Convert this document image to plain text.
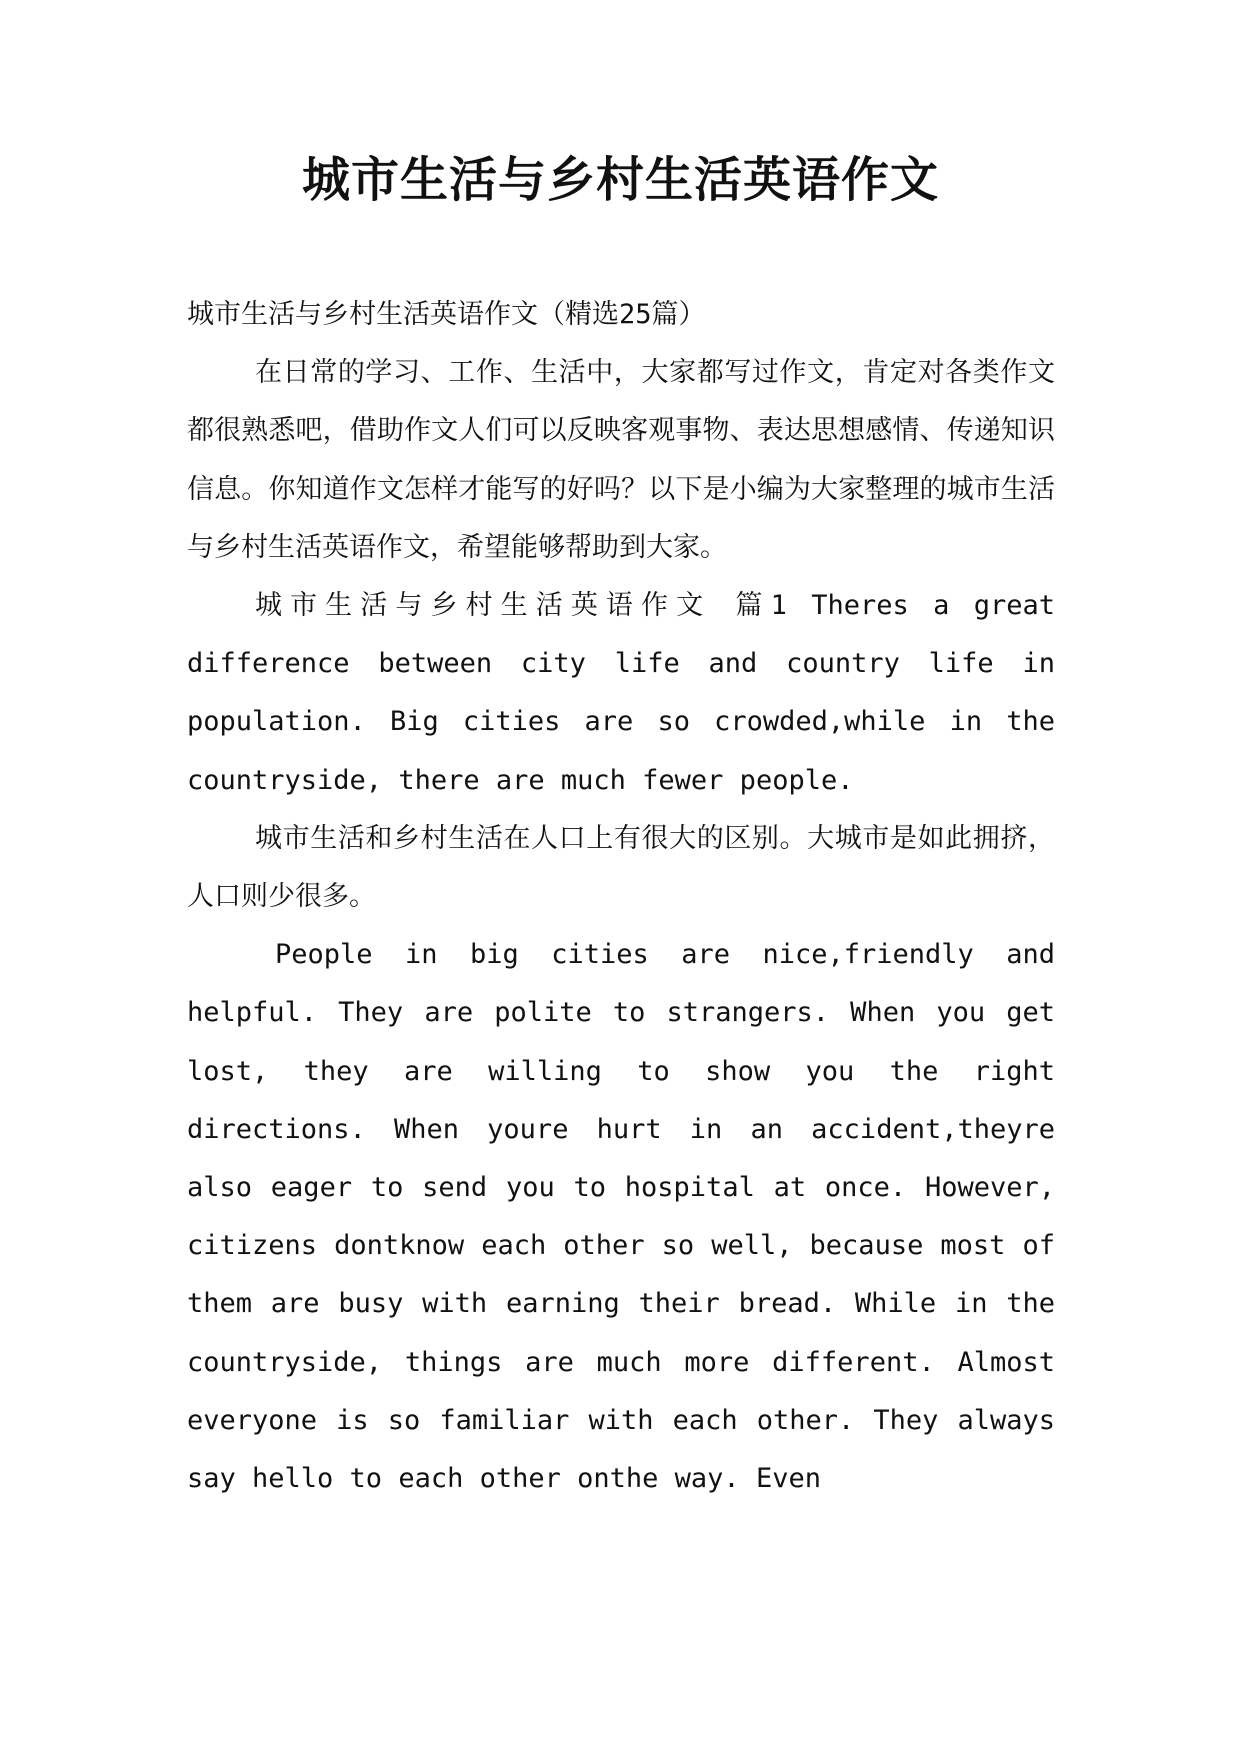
城市生活与乡村生活英语作文

城市生活与乡村生活英语作文（精选25篇）

在日常的学习、工作、生活中，大家都写过作文，肯定对各类作文都很熟悉吧，借助作文人们可以反映客观事物、表达思想感情、传递知识信息。你知道作文怎样才能写的好吗？以下是小编为大家整理的城市生活与乡村生活英语作文，希望能够帮助到大家。

城市生活与乡村生活英语作文 篇1 Theres a great difference between city life and country life in population. Big cities are so crowded,while in the countryside, there are much fewer people.

城市生活和乡村生活在人口上有很大的区别。大城市是如此拥挤，人口则少很多。

People in big cities are nice,friendly and helpful. They are polite to strangers. When you get lost, they are willing to show you the right directions. When youre hurt in an accident,theyre also eager to send you to hospital at once. However, citizens dontknow each other so well, because most of them are busy with earning their bread. While in the countryside, things are much more different. Almost everyone is so familiar with each other. They always say hello to each other onthe way. Even
